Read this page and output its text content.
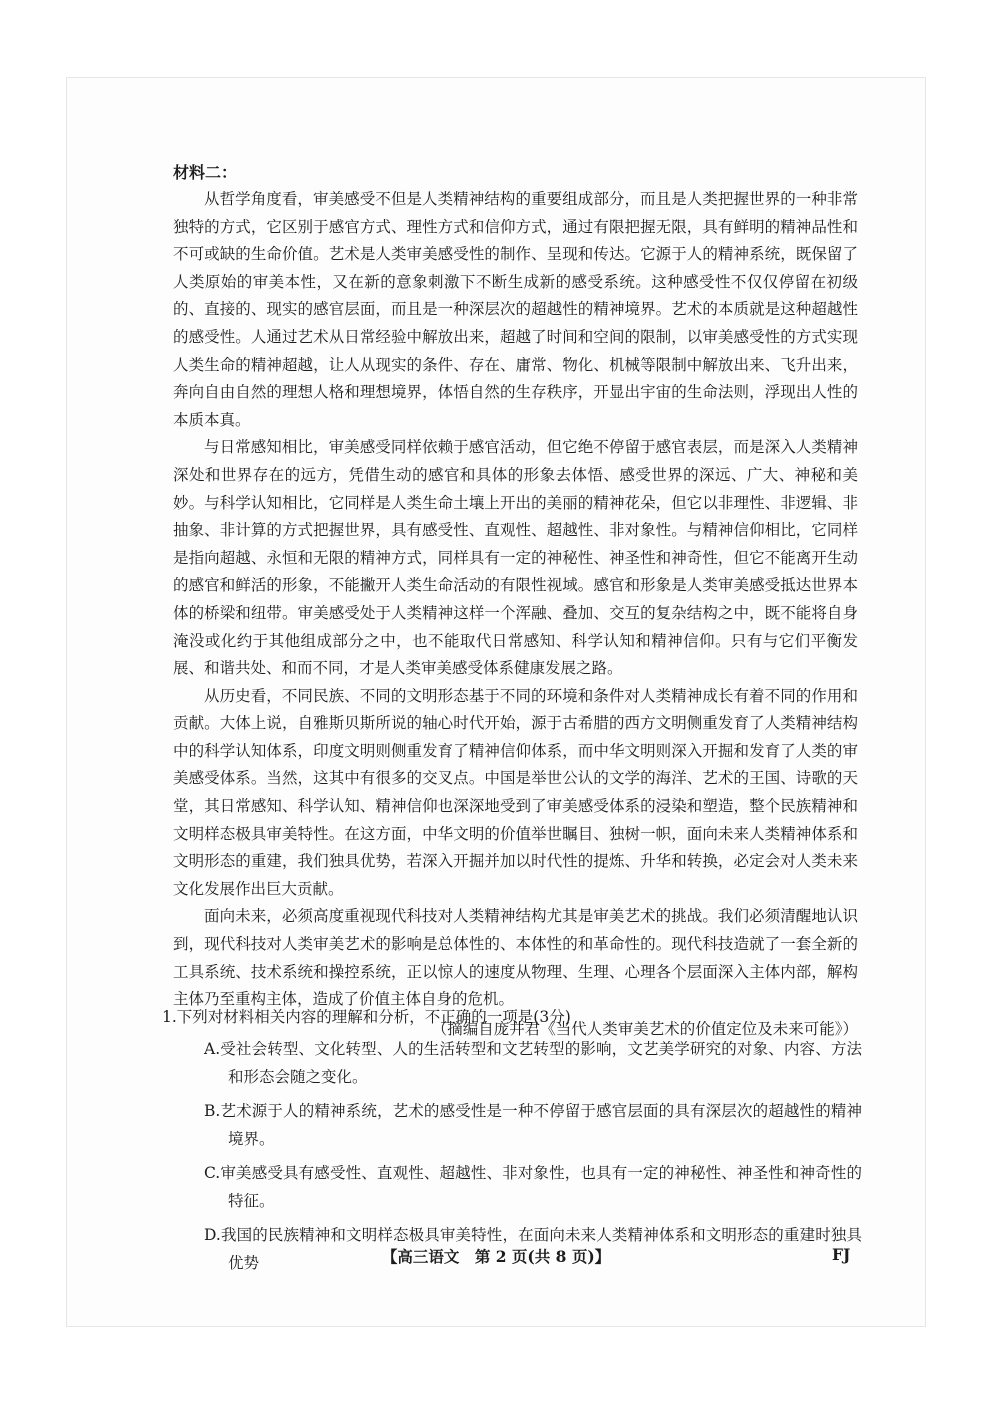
材料二：

从哲学角度看，审美感受不但是人类精神结构的重要组成部分，而且是人类把握世界的一种非常独特的方式，它区别于感官方式、理性方式和信仰方式，通过有限把握无限，具有鲜明的精神品性和不可或缺的生命价值。艺术是人类审美感受性的制作、呈现和传达。它源于人的精神系统，既保留了人类原始的审美本性，又在新的意象刺激下不断生成新的感受系统。这种感受性不仅仅停留在初级的、直接的、现实的感官层面，而且是一种深层次的超越性的精神境界。艺术的本质就是这种超越性的感受性。人通过艺术从日常经验中解放出来，超越了时间和空间的限制，以审美感受性的方式实现人类生命的精神超越，让人从现实的条件、存在、庸常、物化、机械等限制中解放出来、飞升出来，奔向自由自然的理想人格和理想境界，体悟自然的生存秩序，开显出宇宙的生命法则，浮现出人性的本质本真。

与日常感知相比，审美感受同样依赖于感官活动，但它绝不停留于感官表层，而是深入人类精神深处和世界存在的远方，凭借生动的感官和具体的形象去体悟、感受世界的深远、广大、神秘和美妙。与科学认知相比，它同样是人类生命土壤上开出的美丽的精神花朵，但它以非理性、非逻辑、非抽象、非计算的方式把握世界，具有感受性、直观性、超越性、非对象性。与精神信仰相比，它同样是指向超越、永恒和无限的精神方式，同样具有一定的神秘性、神圣性和神奇性，但它不能离开生动的感官和鲜活的形象，不能撇开人类生命活动的有限性视域。感官和形象是人类审美感受抵达世界本体的桥梁和纽带。审美感受处于人类精神这样一个浑融、叠加、交互的复杂结构之中，既不能将自身淹没或化约于其他组成部分之中，也不能取代日常感知、科学认知和精神信仰。只有与它们平衡发展、和谐共处、和而不同，才是人类审美感受体系健康发展之路。

从历史看，不同民族、不同的文明形态基于不同的环境和条件对人类精神成长有着不同的作用和贡献。大体上说，自雅斯贝斯所说的轴心时代开始，源于古希腊的西方文明侧重发育了人类精神结构中的科学认知体系，印度文明则侧重发育了精神信仰体系，而中华文明则深入开掘和发育了人类的审美感受体系。当然，这其中有很多的交叉点。中国是举世公认的文学的海洋、艺术的王国、诗歌的天堂，其日常感知、科学认知、精神信仰也深深地受到了审美感受体系的浸染和塑造，整个民族精神和文明样态极具审美特性。在这方面，中华文明的价值举世瞩目、独树一帜，面向未来人类精神体系和文明形态的重建，我们独具优势，若深入开掘并加以时代性的提炼、升华和转换，必定会对人类未来文化发展作出巨大贡献。

面向未来，必须高度重视现代科技对人类精神结构尤其是审美艺术的挑战。我们必须清醒地认识到，现代科技对人类审美艺术的影响是总体性的、本体性的和革命性的。现代科技造就了一套全新的工具系统、技术系统和操控系统，正以惊人的速度从物理、生理、心理各个层面深入主体内部，解构主体乃至重构主体，造成了价值主体自身的危机。

（摘编自庞井君《当代人类审美艺术的价值定位及未来可能》）

1.下列对材料相关内容的理解和分析，不正确的一项是(3分)

A.受社会转型、文化转型、人的生活转型和文艺转型的影响，文艺美学研究的对象、内容、方法和形态会随之变化。

B.艺术源于人的精神系统，艺术的感受性是一种不停留于感官层面的具有深层次的超越性的精神境界。

C.审美感受具有感受性、直观性、超越性、非对象性，也具有一定的神秘性、神圣性和神奇性的特征。

D.我国的民族精神和文明样态极具审美特性，在面向未来人类精神体系和文明形态的重建时独具优势	【高三语文　第 2 页(共 8 页)】	FJ
